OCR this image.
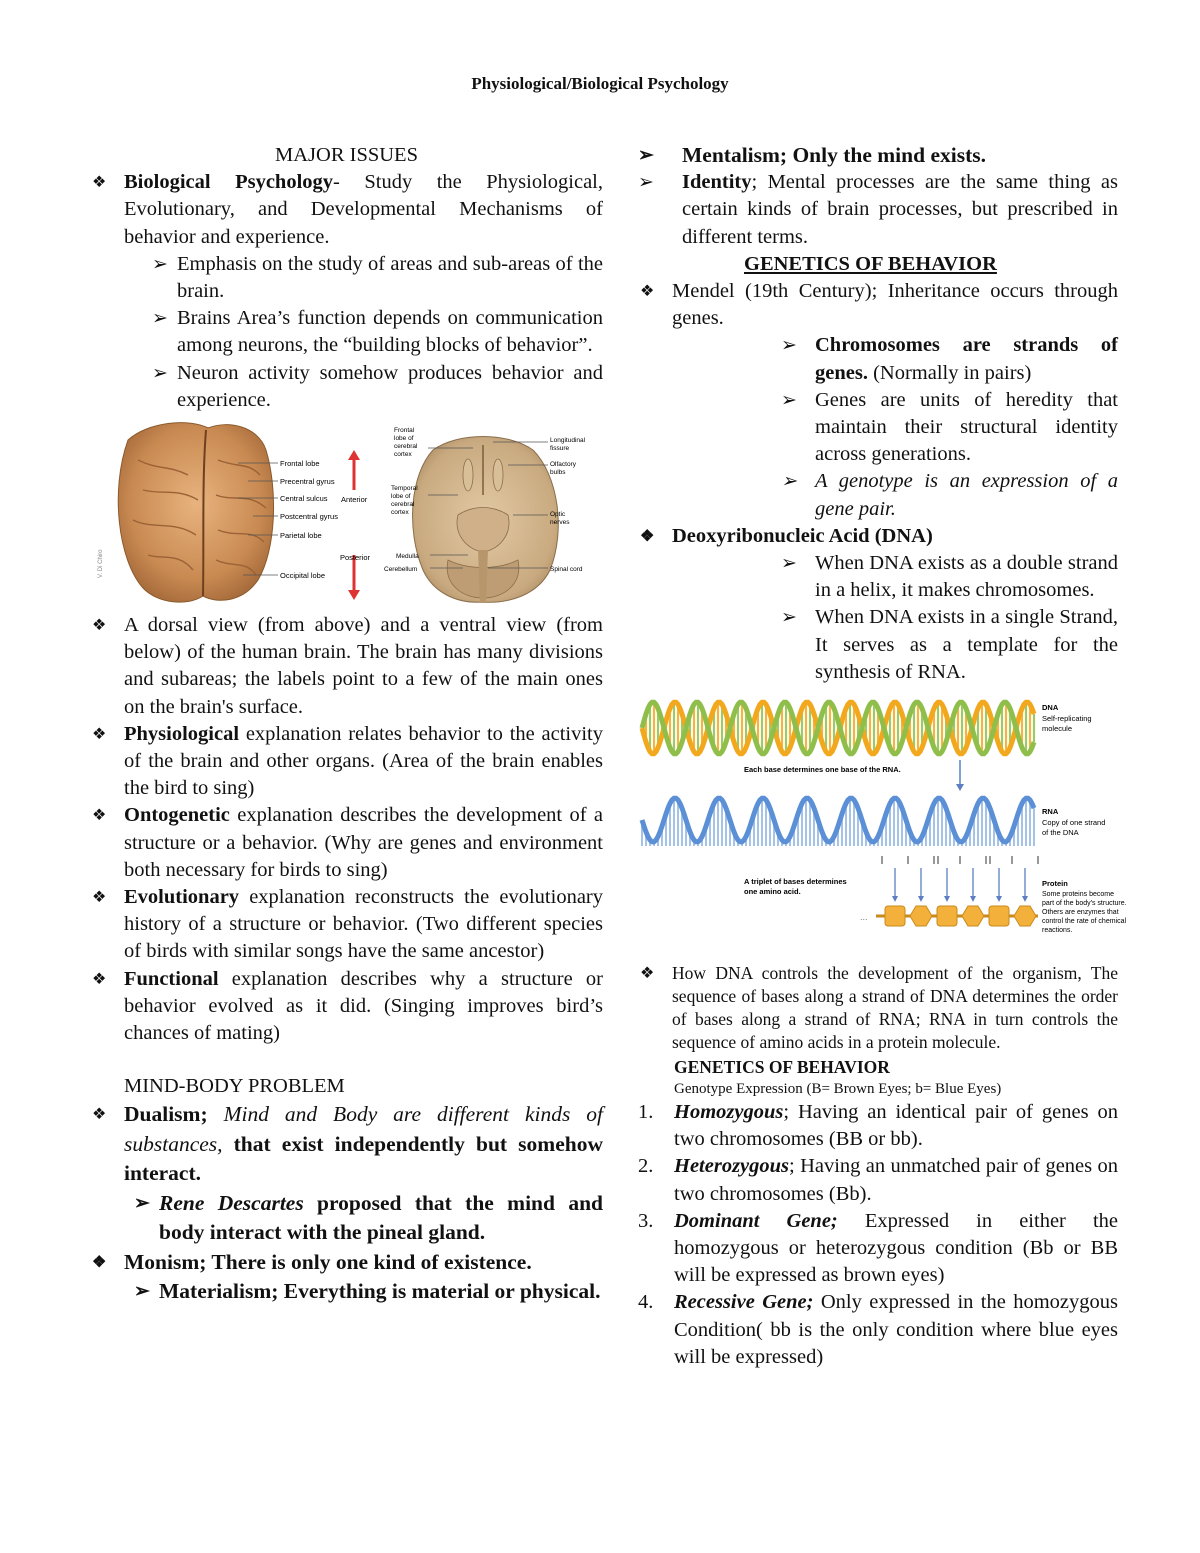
Physiological/Biological Psychology
MAJOR ISSUES
❖ Biological Psychology- Study the Physiological, Evolutionary, and Developmental Mechanisms of behavior and experience.
➢ Emphasis on the study of areas and sub-areas of the brain.
➢ Brains Area’s function depends on communication among neurons, the “building blocks of behavior”.
➢ Neuron activity somehow produces behavior and experience.
V. Di Chiro
Frontal lobe
Precentral gyrus
Central sulcus
Postcentral gyrus
Parietal lobe
Occipital lobe
Anterior
Posterior
Frontal lobe of cerebral cortex
Temporal lobe of cerebral cortex
Medulla
Cerebellum
Longitudinal fissure
Olfactory bulbs
Optic nerves
Spinal cord
❖ A dorsal view (from above) and a ventral view (from below) of the human brain. The brain has many divisions and subareas; the labels point to a few of the main ones on the brain's surface.
❖ Physiological explanation relates behavior to the activity of the brain and other organs. (Area of the brain enables the bird to sing)
❖ Ontogenetic explanation describes the development of a structure or a behavior. (Why are genes and environment both necessary for birds to sing)
❖ Evolutionary explanation reconstructs the evolutionary history of a structure or behavior. (Two different species of birds with similar songs have the same ancestor)
❖ Functional explanation describes why a structure or behavior evolved as it did. (Singing improves bird’s chances of mating)
MIND-BODY PROBLEM
❖ Dualism; Mind and Body are different kinds of substances, that exist independently but somehow interact.
➢ Rene Descartes proposed that the mind and body interact with the pineal gland.
❖ Monism; There is only one kind of existence.
➢ Materialism; Everything is material or physical.
➢ Mentalism; Only the mind exists.
➢ Identity; Mental processes are the same thing as certain kinds of brain processes, but prescribed in different terms.
GENETICS OF BEHAVIOR
❖ Mendel (19th Century); Inheritance occurs through genes.
➢ Chromosomes are strands of genes. (Normally in pairs)
➢ Genes are units of heredity that maintain their structural identity across generations.
➢ A genotype is an expression of a gene pair.
❖ Deoxyribonucleic Acid (DNA)
➢ When DNA exists as a double strand in a helix, it makes chromosomes.
➢ When DNA exists in a single Strand, It serves as a template for the synthesis of RNA.
DNA
Self-replicating molecule
Each base determines one base of the RNA.
RNA
Copy of one strand of the DNA
A triplet of bases determines one amino acid.
...
Protein
Some proteins become part of the body's structure. Others are enzymes that control the rate of chemical reactions.
❖ How DNA controls the development of the organism, The sequence of bases along a strand of DNA determines the order of bases along a strand of RNA; RNA in turn controls the sequence of amino acids in a protein molecule.
GENETICS OF BEHAVIOR
Genotype Expression (B= Brown Eyes; b= Blue Eyes)
1. Homozygous; Having an identical pair of genes on two chromosomes (BB or bb).
2. Heterozygous; Having an unmatched pair of genes on two chromosomes (Bb).
3. Dominant Gene; Expressed in either the homozygous or heterozygous condition (Bb or BB will be expressed as brown eyes)
4. Recessive Gene; Only expressed in the homozygous Condition( bb is the only condition where blue eyes will be expressed)
